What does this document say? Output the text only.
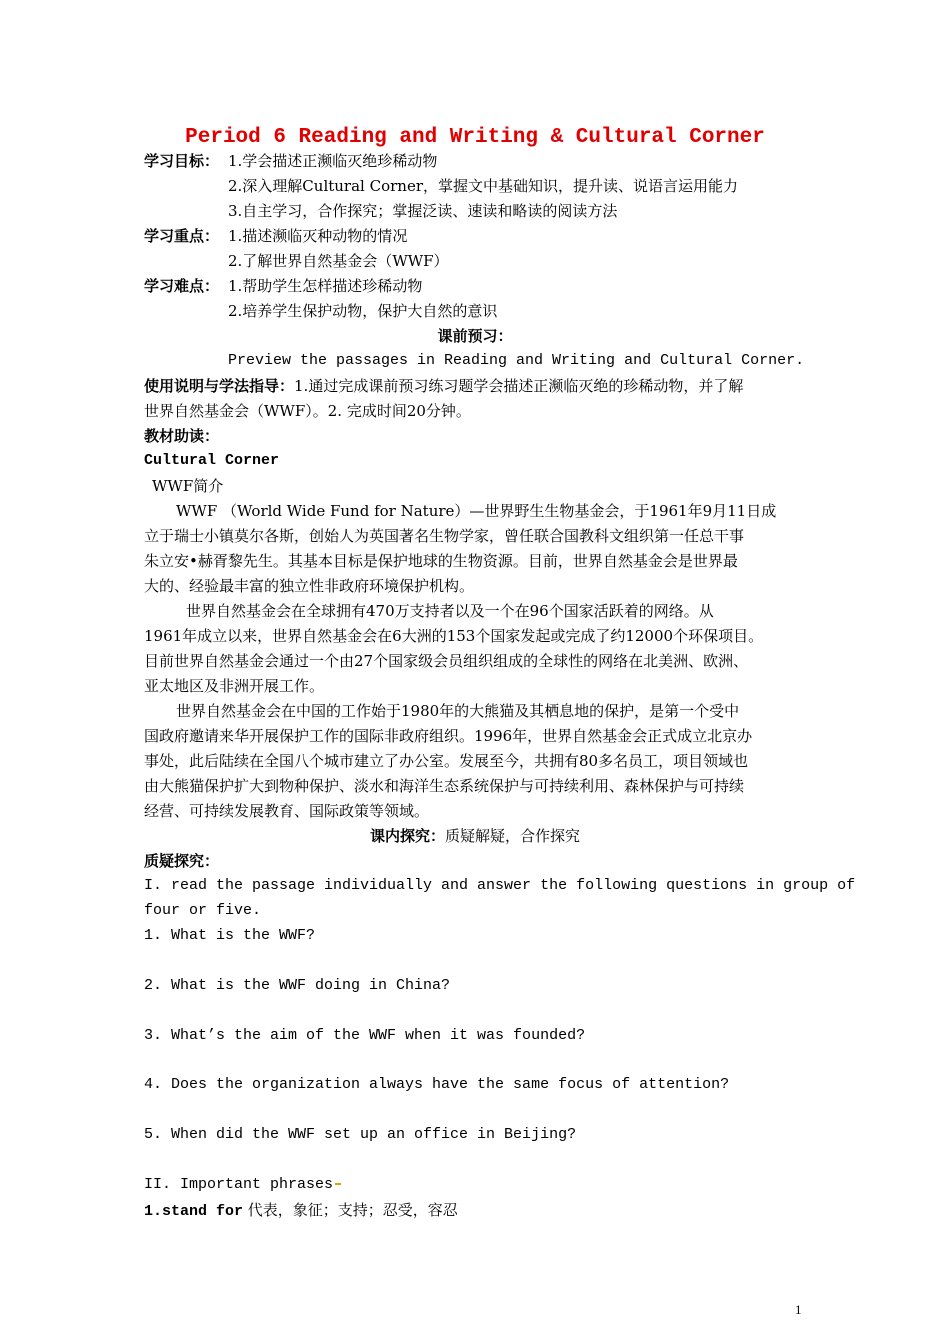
Period 6 Reading and Writing & Cultural Corner
学习目标： 1.学会描述正濒临灭绝珍稀动物
2.深入理解Cultural Corner，掌握文中基础知识，提升读、说语言运用能力
3.自主学习，合作探究；掌握泛读、速读和略读的阅读方法
学习重点： 1.描述濒临灭种动物的情况
2.了解世界自然基金会（WWF）
学习难点： 1.帮助学生怎样描述珍稀动物
2.培养学生保护动物，保护大自然的意识
课前预习：
Preview the passages in Reading and Writing and Cultural Corner.
使用说明与学法指导：1.通过完成课前预习练习题学会描述正濒临灭绝的珍稀动物，并了解
世界自然基金会（WWF）。2. 完成时间20分钟。
教材助读：
Cultural Corner
WWF简介
WWF （World Wide Fund for Nature）—世界野生生物基金会，于1961年9月11日成
立于瑞士小镇莫尔各斯，创始人为英国著名生物学家，曾任联合国教科文组织第一任总干事
朱立安•赫胥黎先生。其基本目标是保护地球的生物资源。目前，世界自然基金会是世界最
大的、经验最丰富的独立性非政府环境保护机构。
世界自然基金会在全球拥有470万支持者以及一个在96个国家活跃着的网络。从
1961年成立以来，世界自然基金会在6大洲的153个国家发起或完成了约12000个环保项目。
目前世界自然基金会通过一个由27个国家级会员组织组成的全球性的网络在北美洲、欧洲、
亚太地区及非洲开展工作。
世界自然基金会在中国的工作始于1980年的大熊猫及其栖息地的保护，是第一个受中
国政府邀请来华开展保护工作的国际非政府组织。1996年，世界自然基金会正式成立北京办
事处，此后陆续在全国八个城市建立了办公室。发展至今，共拥有80多名员工，项目领域也
由大熊猫保护扩大到物种保护、淡水和海洋生态系统保护与可持续利用、森林保护与可持续
经营、可持续发展教育、国际政策等领域。
课内探究：质疑解疑，合作探究
质疑探究：
I. read the passage individually and answer the following questions in group of
four or five.
1. What is the WWF?
2. What is the WWF doing in China?
3. What’s the aim of the WWF when it was founded?
4. Does the organization always have the same focus of attention?
5. When did the WWF set up an office in Beijing?
II. Important phrases
1.stand for 代表，象征；支持；忍受，容忍
1
